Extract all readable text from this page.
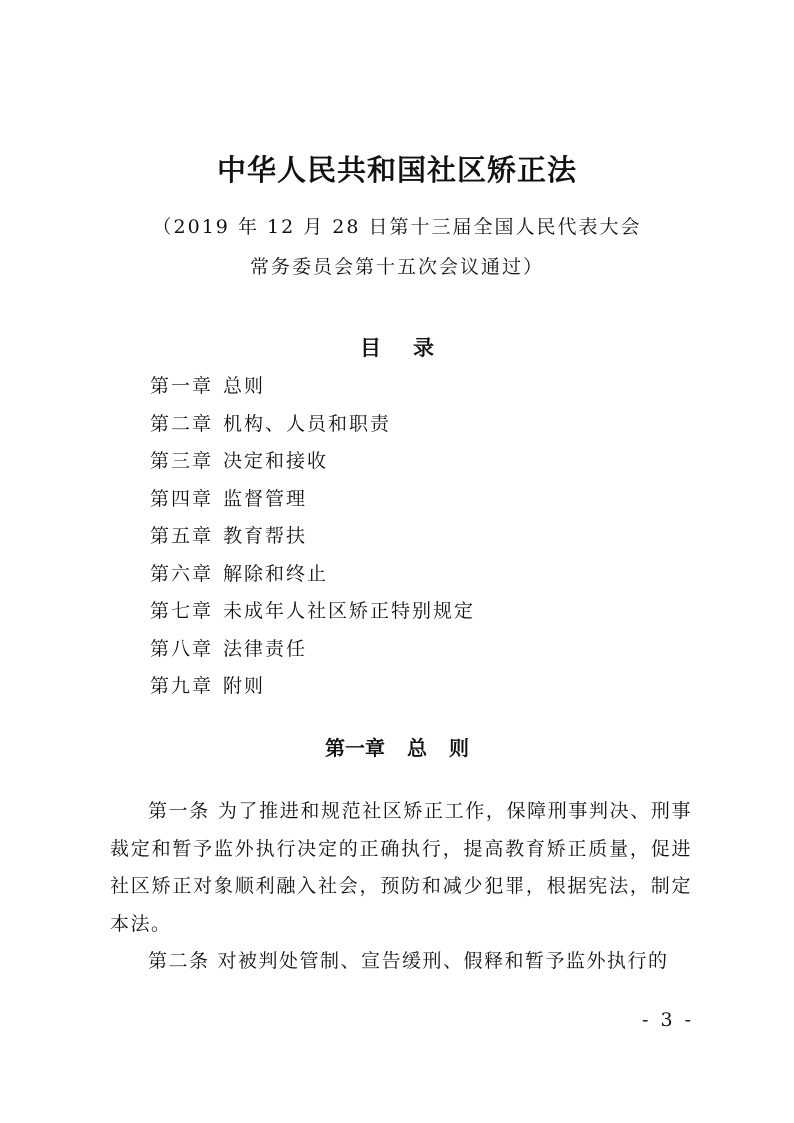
中华人民共和国社区矫正法
（2019 年 12 月 28 日第十三届全国人民代表大会
常务委员会第十五次会议通过）
目 录
第一章 总则
第二章 机构、人员和职责
第三章 决定和接收
第四章 监督管理
第五章 教育帮扶
第六章 解除和终止
第七章 未成年人社区矫正特别规定
第八章 法律责任
第九章 附则
第一章 总 则

第一条 为了推进和规范社区矫正工作，保障刑事判决、刑事裁定和暂予监外执行决定的正确执行，提高教育矫正质量，促进社区矫正对象顺利融入社会，预防和减少犯罪，根据宪法，制定本法。

第二条 对被判处管制、宣告缓刑、假释和暂予监外执行的

- 3 -
